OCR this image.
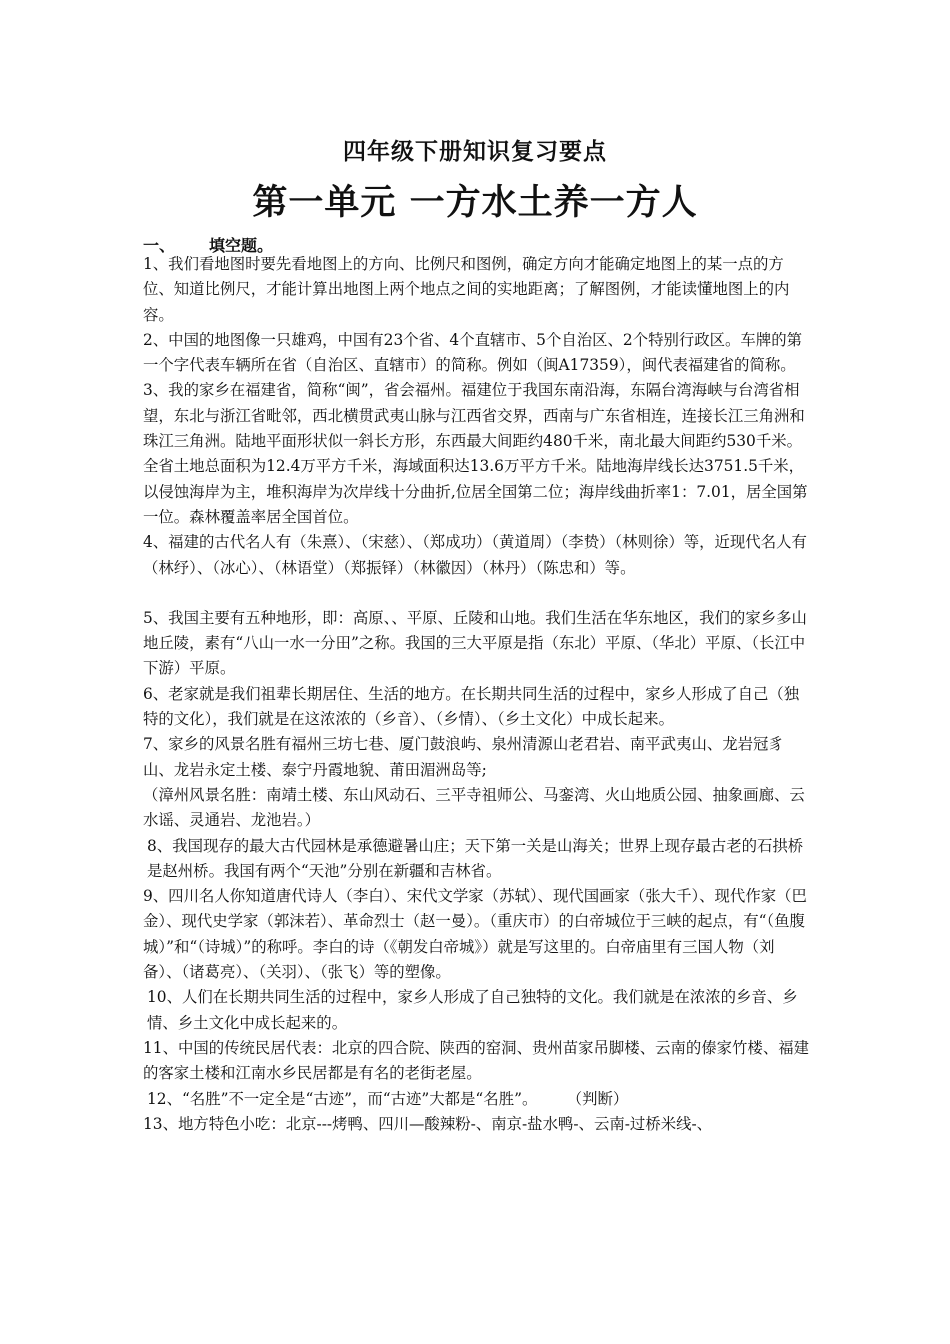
四年级下册知识复习要点
第一单元 一方水土养一方人
一、 填空题。

1、我们看地图时要先看地图上的方向、比例尺和图例，确定方向才能确定地图上的某一点的方位、知道比例尺，才能计算出地图上两个地点之间的实地距离；了解图例，才能读懂地图上的内容。

2、中国的地图像一只雄鸡，中国有23个省、4个直辖市、5个自治区、2个特别行政区。车牌的第一个字代表车辆所在省（自治区、直辖市）的简称。例如（闽A17359），闽代表福建省的简称。

3、我的家乡在福建省，简称“闽”，省会福州。福建位于我国东南沿海，东隔台湾海峡与台湾省相望，东北与浙江省毗邻，西北横贯武夷山脉与江西省交界，西南与广东省相连，连接长江三角洲和珠江三角洲。陆地平面形状似一斜长方形，东西最大间距约480千米，南北最大间距约530千米。全省土地总面积为12.4万平方千米，海域面积达13.6万平方千米。陆地海岸线长达3751.5千米，以侵蚀海岸为主，堆积海岸为次岸线十分曲折,位居全国第二位；海岸线曲折率1：7.01，居全国第一位。森林覆盖率居全国首位。

4、福建的古代名人有（朱熹）、（宋慈）、（郑成功）（黄道周）（李贽）（林则徐）等，近现代名人有（林纾）、（冰心）、（林语堂）（郑振铎）（林徽因）（林丹）（陈忠和）等。

5、我国主要有五种地形，即：高原、、平原、丘陵和山地。我们生活在华东地区，我们的家乡多山地丘陵，素有“八山一水一分田”之称。我国的三大平原是指（东北）平原、（华北）平原、（长江中下游）平原。

6、老家就是我们祖辈长期居住、生活的地方。在长期共同生活的过程中，家乡人形成了自己（独特的文化），我们就是在这浓浓的（乡音）、（乡情）、（乡土文化）中成长起来。

7、家乡的风景名胜有福州三坊七巷、厦门鼓浪屿、泉州清源山老君岩、南平武夷山、龙岩冠豸山、龙岩永定土楼、泰宁丹霞地貌、莆田湄洲岛等;

（漳州风景名胜：南靖土楼、东山风动石、三平寺祖师公、马銮湾、火山地质公园、抽象画廊、云水谣、灵通岩、龙池岩。）

8、我国现存的最大古代园林是承德避暑山庄；天下第一关是山海关；世界上现存最古老的石拱桥是赵州桥。我国有两个“天池”分别在新疆和吉林省。

9、四川名人你知道唐代诗人（李白）、宋代文学家（苏轼）、现代国画家（张大千）、现代作家（巴金）、现代史学家（郭沫若）、革命烈士（赵一曼）。（重庆市）的白帝城位于三峡的起点，有“（鱼腹城）”和“（诗城）”的称呼。李白的诗（《朝发白帝城》）就是写这里的。白帝庙里有三国人物（刘备）、（诸葛亮）、（关羽）、（张飞）等的塑像。

10、人们在长期共同生活的过程中，家乡人形成了自己独特的文化。我们就是在浓浓的乡音、乡情、乡土文化中成长起来的。

11、中国的传统民居代表：北京的四合院、陕西的窑洞、贵州苗家吊脚楼、云南的傣家竹楼、福建的客家土楼和江南水乡民居都是有名的老街老屋。

12、“名胜”不一定全是“古迹”，而“古迹”大都是“名胜”。      （判断）

13、地方特色小吃：北京---烤鸭、四川—酸辣粉-、南京-盐水鸭-、云南-过桥米线-、
